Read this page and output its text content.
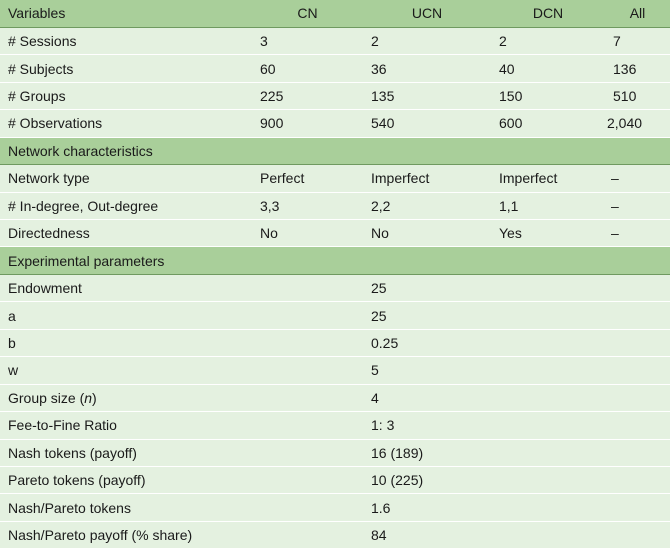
Variables	CN	UCN	DCN	All
# Sessions	3	2	2	7
# Subjects	60	36	40	136
# Groups	225	135	150	510
# Observations	900	540	600	2,040
Network characteristics				
Network type	Perfect	Imperfect	Imperfect	–
# In-degree, Out-degree	3,3	2,2	1,1	–
Directedness	No	No	Yes	–
Experimental parameters				
Endowment		25		
a		25		
b		0.25		
w		5		
Group size (n)		4		
Fee-to-Fine Ratio		1: 3		
Nash tokens (payoff)		16 (189)		
Pareto tokens (payoff)		10 (225)		
Nash/Pareto tokens		1.6		
Nash/Pareto payoff (% share)		84		
